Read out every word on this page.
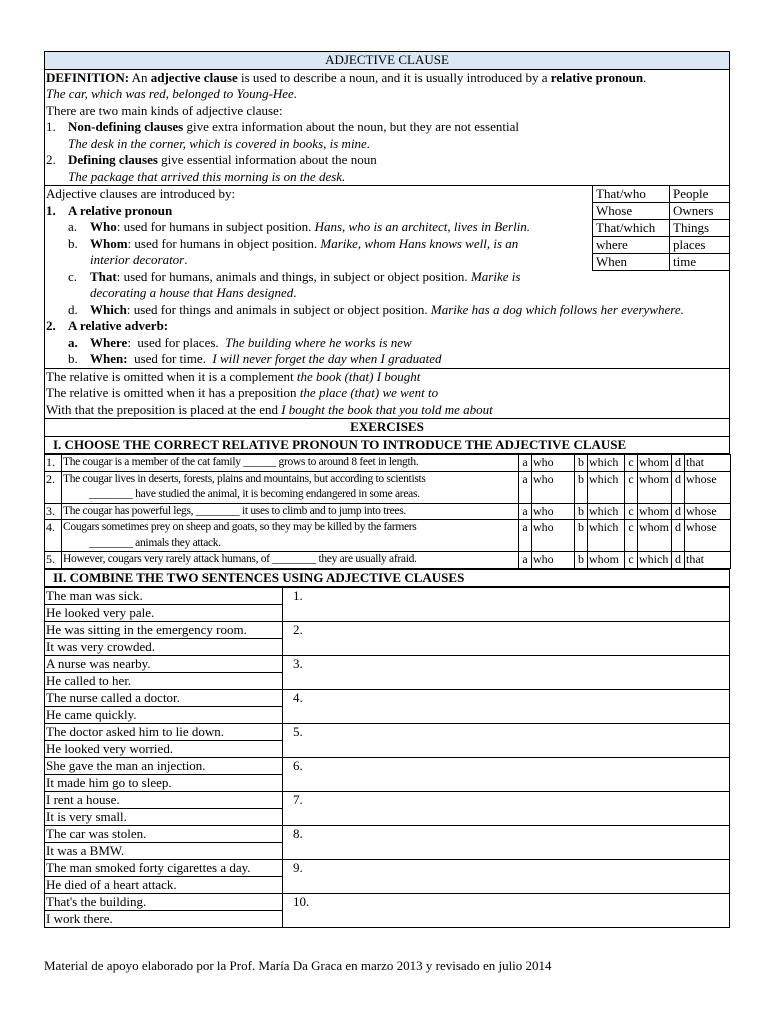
ADJECTIVE CLAUSE

DEFINITION: An adjective clause is used to describe a noun, and it is usually introduced by a relative pronoun.
The car, which was red, belonged to Young-Hee.
There are two main kinds of adjective clause:
1. Non-defining clauses give extra information about the noun, but they are not essential
The desk in the corner, which is covered in books, is mine.
2. Defining clauses give essential information about the noun
The package that arrived this morning is on the desk.

That/who	People
Whose	Owners
That/which	Things
where	places
When	time
Adjective clauses are introduced by:
1. A relative pronoun
a. Who: used for humans in subject position. Hans, who is an architect, lives in Berlin.
b. Whom: used for humans in object position. Marike, whom Hans knows well, is an
interior decorator.
c. That: used for humans, animals and things, in subject or object position. Marike is
decorating a house that Hans designed.
d. Which: used for things and animals in subject or object position. Marike has a dog which follows her everywhere.
2. A relative adverb:
a. Where:  used for places.  The building where he works is new
b. When:  used for time.  I will never forget the day when I graduated

The relative is omitted when it is a complement the book (that) I bought
The relative is omitted when it has a preposition the place (that) we went to
With that the preposition is placed at the end I bought the book that you told me about

EXERCISES
I. CHOOSE THE CORRECT RELATIVE PRONOUN TO INTRODUCE THE ADJECTIVE CLAUSE
1.	The cougar is a member of the cat family ______ grows to around 8 feet in length.	a	who	b	which	c	whom	d	that
2.	The cougar lives in deserts, forests, plains and mountains, but according to scientists
________ have studied the animal, it is becoming endangered in some areas.	a	who	b	which	c	whom	d	whose
3.	The cougar has powerful legs, ________ it uses to climb and to jump into trees.	a	who	b	which	c	whom	d	whose
4.	Cougars sometimes prey on sheep and goats, so they may be killed by the farmers
________ animals they attack.	a	who	b	which	c	whom	d	whose
5.	However, cougars very rarely attack humans, of ________ they are usually afraid.	a	who	b	whom	c	which	d	that
II. COMBINE THE TWO SENTENCES USING ADJECTIVE CLAUSES
The man was sick.	1.
He looked very pale.	
He was sitting in the emergency room.	2.
It was very crowded.	
A nurse was nearby.	3.
He called to her.	
The nurse called a doctor.	4.
He came quickly.	
The doctor asked him to lie down.	5.
He looked very worried.	
She gave the man an injection.	6.
It made him go to sleep.	
I rent a house.	7.
It is very small.	
The car was stolen.	8.
It was a BMW.	
The man smoked forty cigarettes a day.	9.
He died of a heart attack.	
That's the building.	10.
I work there.	
Material de apoyo elaborado por la Prof. María Da Graca en marzo 2013 y revisado en julio 2014
